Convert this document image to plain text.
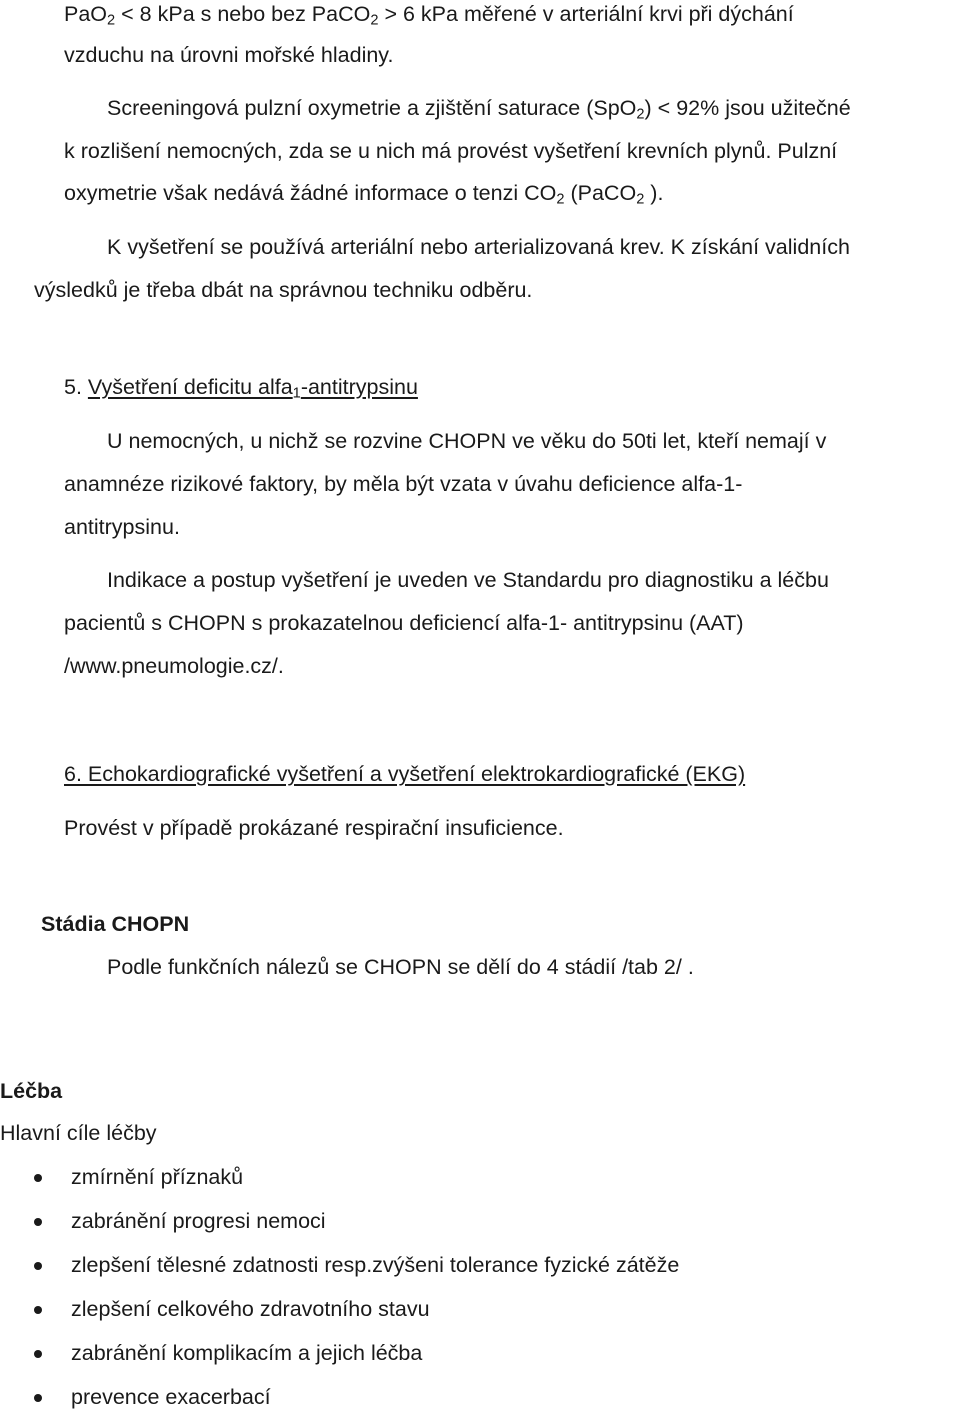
PaO$_2$ < 8 kPa s nebo bez PaCO$_2$ > 6 kPa měřené v arteriální krvi při dýchání

vzduchu na úrovni mořské hladiny.

Screeningová pulzní oxymetrie a zjištění saturace (SpO$_2$) < 92% jsou užitečné

k rozlišení nemocných, zda se u nich má provést vyšetření krevních plynů. Pulzní

oxymetrie však nedává žádné informace o tenzi $CO_2$ (PaCO$_2$ ).

K vyšetření se používá arteriální nebo arterializovaná krev. K získání validních

výsledků je třeba dbát na správnou techniku odběru.

5. Vyšetření deficitu alfa$_1$-antitrypsinu

U nemocných, u nichž se rozvine CHOPN ve věku do 50ti let, kteří nemají v

anamnéze rizikové faktory, by měla být vzata v úvahu deficience alfa-1-

antitrypsinu.

Indikace a postup vyšetření je uveden ve Standardu pro diagnostiku a léčbu

pacientů s CHOPN s prokazatelnou deficiencí alfa-1- antitrypsinu (AAT)

/www.pneumologie.cz/.

6. Echokardiografické vyšetření a vyšetření elektrokardiografické (EKG)

Provést v případě prokázané respirační insuficience.

Stádia CHOPN

Podle funkčních nálezů se CHOPN se dělí do 4 stádií /tab 2/ .

Léčba

Hlavní cíle léčby

zmírnění příznaků

zabránění progresi nemoci

zlepšení tělesné zdatnosti resp.zvýšeni tolerance fyzické zátěže

zlepšení celkového zdravotního stavu

zabránění komplikacím a jejich léčba

prevence exacerbací
